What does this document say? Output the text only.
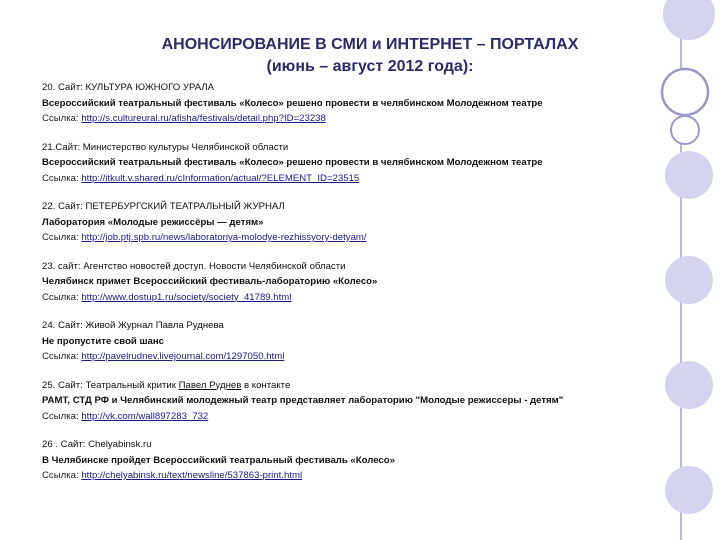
АНОНСИРОВАНИЕ В СМИ и ИНТЕРНЕТ – ПОРТАЛАХ
(июнь – август 2012 года):
20. Сайт: КУЛЬТУРА ЮЖНОГО УРАЛА
Всероссийский театральный фестиваль «Колесо» решено провести в челябинском Молодежном театре
Ссылка: http://s.cultureural.ru/afisha/festivals/detail.php?ID=23238
21.Сайт: Министерство культуры Челябинской области
Всероссийский театральный фестиваль «Колесо» решено провести в челябинском Молодежном театре
Ссылка: http://itkult.v.shared.ru/cInformation/actual/?ELEMENT_ID=23515
22. Сайт: ПЕТЕРБУРГСКИЙ ТЕАТРАЛЬНЫЙ ЖУРНАЛ
Лаборатория «Молодые режиссёры — детям»
Ссылка: http://job.ptj.spb.ru/news/laboratoriya-molodye-rezhissyory-detyam/
23. сайт: Агентство новостей доступ. Новости Челябинской области
Челябинск примет Всероссийский фестиваль-лабораторию «Колесо»
Ссылка: http://www.dostup1.ru/society/society_41789.html
24. Сайт: Живой Журнал Павла Руднева
Не пропустите свой шанс
Ссылка: http://pavelrudnev.livejournal.com/1297050.html
25. Сайт: Театральный критик Павел Руднев в контакте
РАМТ, СТД РФ и Челябинский молодежный театр представляет лабораторию "Молодые режиссеры - детям"
Ссылка: http://vk.com/wall897283_732
26 . Сайт: Chelyabinsk.ru
В Челябинске пройдет Всероссийский театральный фестиваль «Колесо»
Ссылка: http://chelyabinsk.ru/text/newsline/537863-print.html
